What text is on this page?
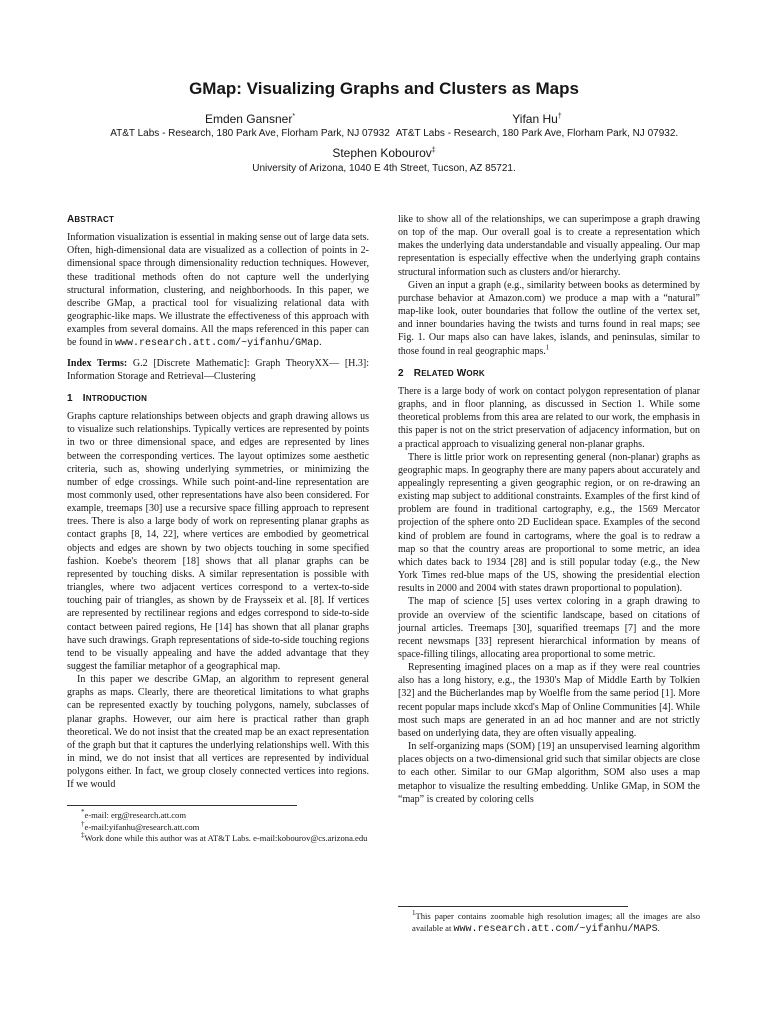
GMap: Visualizing Graphs and Clusters as Maps
Emden Gansner*
AT&T Labs - Research, 180 Park Ave, Florham Park, NJ 07932
Yifan Hu†
AT&T Labs - Research, 180 Park Ave, Florham Park, NJ 07932.
Stephen Kobourov‡
University of Arizona, 1040 E 4th Street, Tucson, AZ 85721.
ABSTRACT

Information visualization is essential in making sense out of large data sets. Often, high-dimensional data are visualized as a collection of points in 2-dimensional space through dimensionality reduction techniques. However, these traditional methods often do not capture well the underlying structural information, clustering, and neighborhoods. In this paper, we describe GMap, a practical tool for visualizing relational data with geographic-like maps. We illustrate the effectiveness of this approach with examples from several domains. All the maps referenced in this paper can be found in www.research.att.com/~yifanhu/GMap.

Index Terms: G.2 [Discrete Mathematic]: Graph TheoryXX— [H.3]: Information Storage and Retrieval—Clustering

1 INTRODUCTION

Graphs capture relationships between objects and graph drawing allows us to visualize such relationships. Typically vertices are represented by points in two or three dimensional space, and edges are represented by lines between the corresponding vertices. The layout optimizes some aesthetic criteria, such as, showing underlying symmetries, or minimizing the number of edge crossings. While such point-and-line representation are most commonly used, other representations have also been considered. For example, treemaps [30] use a recursive space filling approach to represent trees. There is also a large body of work on representing planar graphs as contact graphs [8, 14, 22], where vertices are embodied by geometrical objects and edges are shown by two objects touching in some specified fashion. Koebe's theorem [18] shows that all planar graphs can be represented by touching disks. A similar representation is possible with triangles, where two adjacent vertices correspond to a vertex-to-side touching pair of triangles, as shown by de Fraysseix et al. [8]. If vertices are represented by rectilinear regions and edges correspond to side-to-side contact between paired regions, He [14] has shown that all planar graphs have such drawings. Graph representations of side-to-side touching regions tend to be visually appealing and have the added advantage that they suggest the familiar metaphor of a geographical map.

In this paper we describe GMap, an algorithm to represent general graphs as maps. Clearly, there are theoretical limitations to what graphs can be represented exactly by touching polygons, namely, subclasses of planar graphs. However, our aim here is practical rather than graph theoretical. We do not insist that the created map be an exact representation of the graph but that it captures the underlying relationships well. With this in mind, we do not insist that all vertices are represented by individual polygons either. In fact, we group closely connected vertices into regions. If we would

*e-mail: erg@research.att.com
†e-mail:yifanhu@research.att.com
‡Work done while this author was at AT&T Labs. e-mail:kobourov@cs.arizona.edu

like to show all of the relationships, we can superimpose a graph drawing on top of the map. Our overall goal is to create a representation which makes the underlying data understandable and visually appealing. Our map representation is especially effective when the underlying graph contains structural information such as clusters and/or hierarchy.

Given an input a graph (e.g., similarity between books as determined by purchase behavior at Amazon.com) we produce a map with a “natural” map-like look, outer boundaries that follow the outline of the vertex set, and inner boundaries having the twists and turns found in real maps; see Fig. 1. Our maps also can have lakes, islands, and peninsulas, similar to those found in real geographic maps.$^1$

2 RELATED WORK

There is a large body of work on contact polygon representation of planar graphs, and in floor planning, as discussed in Section 1. While some theoretical problems from this area are related to our work, the emphasis in this paper is not on the strict preservation of adjacency information, but on a practical approach to visualizing general non-planar graphs.

There is little prior work on representing general (non-planar) graphs as geographic maps. In geography there are many papers about accurately and appealingly representing a given geographic region, or on re-drawing an existing map subject to additional constraints. Examples of the first kind of problem are found in traditional cartography, e.g., the 1569 Mercator projection of the sphere onto 2D Euclidean space. Examples of the second kind of problem are found in cartograms, where the goal is to redraw a map so that the country areas are proportional to some metric, an idea which dates back to 1934 [28] and is still popular today (e.g., the New York Times red-blue maps of the US, showing the presidential election results in 2000 and 2004 with states drawn proportional to population).

The map of science [5] uses vertex coloring in a graph drawing to provide an overview of the scientific landscape, based on citations of journal articles. Treemaps [30], squarified treemaps [7] and the more recent newsmaps [33] represent hierarchical information by means of space-filling tilings, allocating area proportional to some metric.

Representing imagined places on a map as if they were real countries also has a long history, e.g., the 1930's Map of Middle Earth by Tolkien [32] and the Bücherlandes map by Woelfle from the same period [1]. More recent popular maps include xkcd's Map of Online Communities [4]. While most such maps are generated in an ad hoc manner and are not strictly based on underlying data, they are often visually appealing.

In self-organizing maps (SOM) [19] an unsupervised learning algorithm places objects on a two-dimensional grid such that similar objects are close to each other. Similar to our GMap algorithm, SOM also uses a map metaphor to visualize the resulting embedding. Unlike GMap, in SOM the “map” is created by coloring cells

$^1$This paper contains zoomable high resolution images; all the images are also available at www.research.att.com/~yifanhu/MAPS.
